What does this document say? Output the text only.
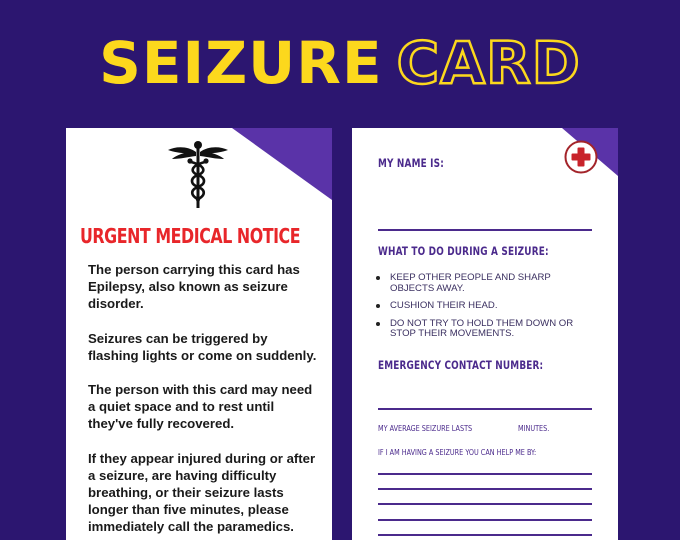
SEIZURE CARD
URGENT MEDICAL NOTICE

The person carrying this card has Epilepsy, also known as seizure disorder.

Seizures can be triggered by flashing lights or come on suddenly.

The person with this card may need a quiet space and to rest until they've fully recovered.

If they appear injured during or after a seizure, are having difficulty breathing, or their seizure lasts longer than five minutes, please immediately call the paramedics.

MY NAME IS:
WHAT TO DO DURING A SEIZURE:
KEEP OTHER PEOPLE AND SHARP OBJECTS AWAY.
CUSHION THEIR HEAD.
DO NOT TRY TO HOLD THEM DOWN OR STOP THEIR MOVEMENTS.
EMERGENCY CONTACT NUMBER:
MY AVERAGE SEIZURE LASTS	MINUTES.
IF I AM HAVING A SEIZURE YOU CAN HELP ME BY:
